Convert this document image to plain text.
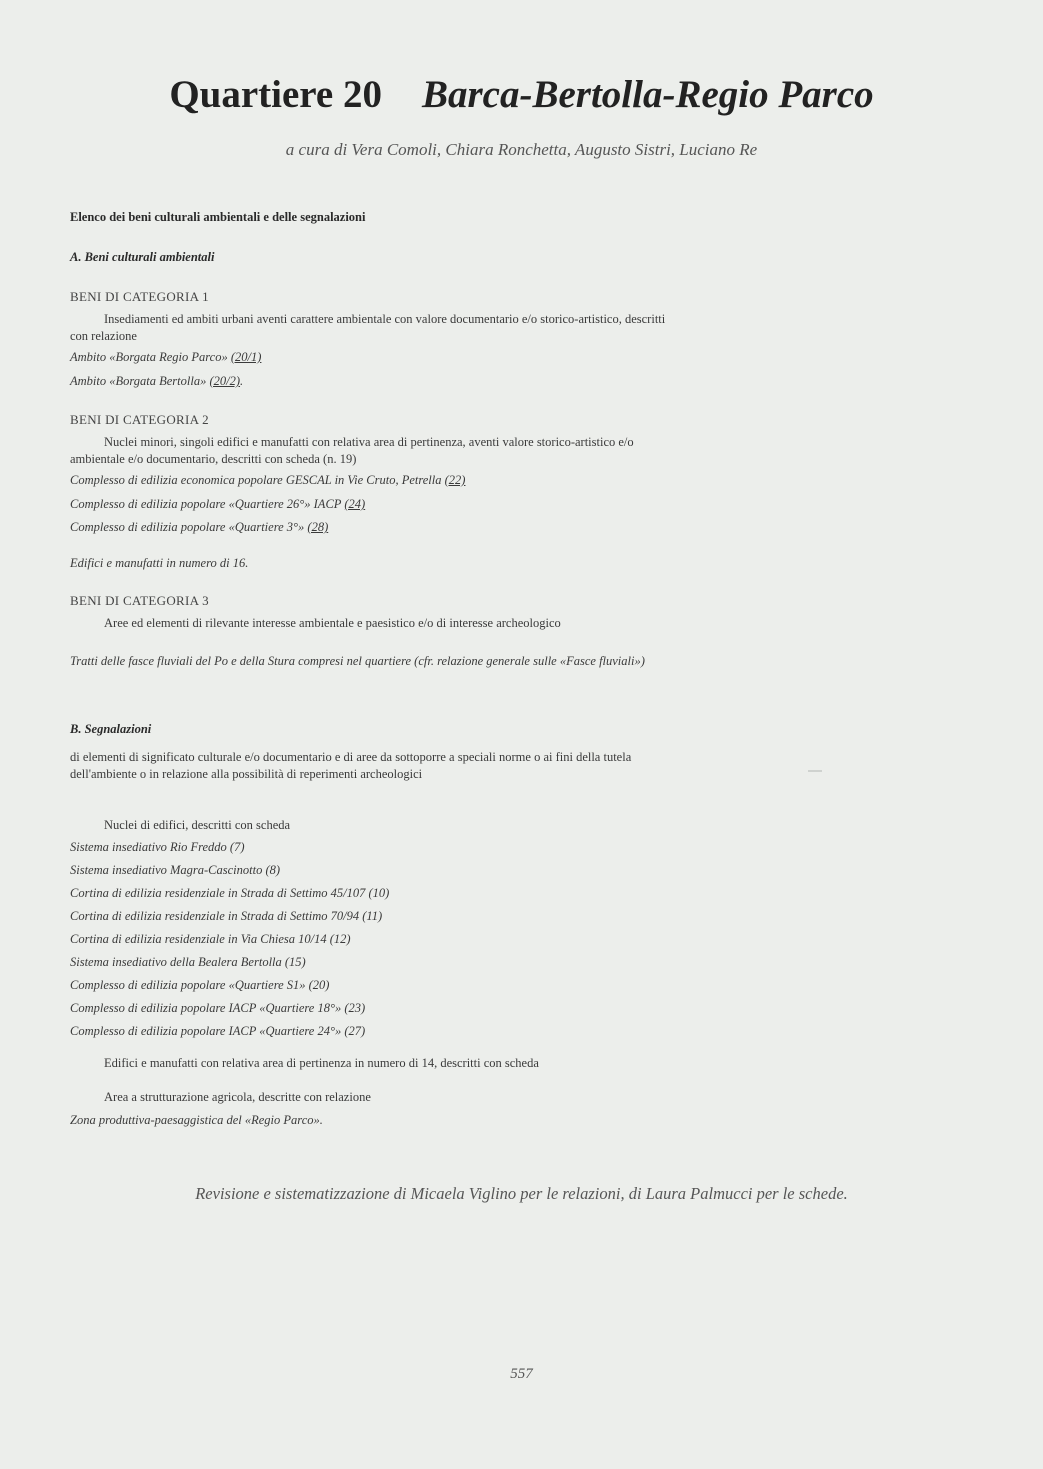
Quartiere 20 Barca-Bertolla-Regio Parco
a cura di Vera Comoli, Chiara Ronchetta, Augusto Sistri, Luciano Re
Elenco dei beni culturali ambientali e delle segnalazioni
A. Beni culturali ambientali
BENI DI CATEGORIA 1
Insediamenti ed ambiti urbani aventi carattere ambientale con valore documentario e/o storico-artistico, descritti con relazione
Ambito «Borgata Regio Parco» (20/1)
Ambito «Borgata Bertolla» (20/2).
BENI DI CATEGORIA 2
Nuclei minori, singoli edifici e manufatti con relativa area di pertinenza, aventi valore storico-artistico e/o ambientale e/o documentario, descritti con scheda (n. 19)
Complesso di edilizia economica popolare GESCAL in Vie Cruto, Petrella (22)
Complesso di edilizia popolare «Quartiere 26°» IACP (24)
Complesso di edilizia popolare «Quartiere 3°» (28)
Edifici e manufatti in numero di 16.
BENI DI CATEGORIA 3
Aree ed elementi di rilevante interesse ambientale e paesistico e/o di interesse archeologico
Tratti delle fasce fluviali del Po e della Stura compresi nel quartiere (cfr. relazione generale sulle «Fasce fluviali»)
B. Segnalazioni
di elementi di significato culturale e/o documentario e di aree da sottoporre a speciali norme o ai fini della tutela dell'ambiente o in relazione alla possibilità di reperimenti archeologici
Nuclei di edifici, descritti con scheda
Sistema insediativo Rio Freddo (7)
Sistema insediativo Magra-Cascinotto (8)
Cortina di edilizia residenziale in Strada di Settimo 45/107 (10)
Cortina di edilizia residenziale in Strada di Settimo 70/94 (11)
Cortina di edilizia residenziale in Via Chiesa 10/14 (12)
Sistema insediativo della Bealera Bertolla (15)
Complesso di edilizia popolare «Quartiere S1» (20)
Complesso di edilizia popolare IACP «Quartiere 18°» (23)
Complesso di edilizia popolare IACP «Quartiere 24°» (27)
Edifici e manufatti con relativa area di pertinenza in numero di 14, descritti con scheda
Area a strutturazione agricola, descritte con relazione
Zona produttiva-paesaggistica del «Regio Parco».
Revisione e sistematizzazione di Micaela Viglino per le relazioni, di Laura Palmucci per le schede.
557
